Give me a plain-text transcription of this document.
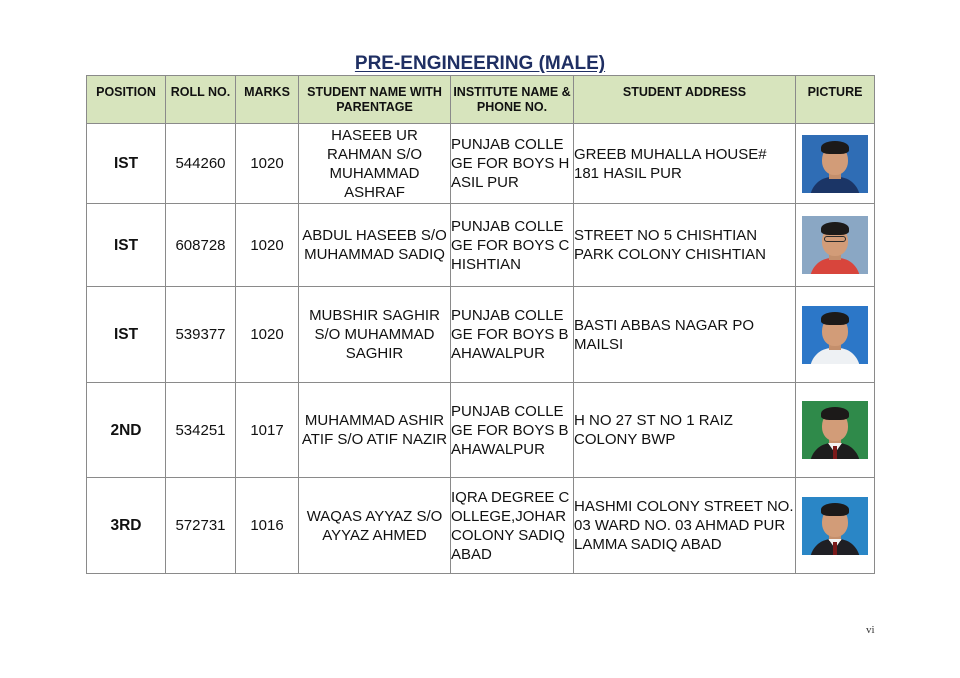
PRE-ENGINEERING (MALE)
POSITION	ROLL NO.	MARKS	STUDENT NAME WITH PARENTAGE	INSTITUTE NAME & PHONE NO.	STUDENT ADDRESS	PICTURE
IST	544260	1020	HASEEB UR RAHMAN S/O MUHAMMAD ASHRAF	PUNJAB COLLEGE FOR BOYS HASIL PUR	GREEB MUHALLA HOUSE# 181 HASIL PUR	

IST	608728	1020	ABDUL HASEEB S/O MUHAMMAD SADIQ	PUNJAB COLLEGE FOR BOYS CHISHTIAN	STREET NO 5 CHISHTIAN PARK COLONY CHISHTIAN	

IST	539377	1020	MUBSHIR SAGHIR S/O MUHAMMAD SAGHIR	PUNJAB COLLEGE FOR BOYS BAHAWALPUR	BASTI ABBAS NAGAR PO MAILSI	

2ND	534251	1017	MUHAMMAD ASHIR ATIF S/O ATIF NAZIR	PUNJAB COLLEGE FOR BOYS BAHAWALPUR	H NO 27 ST NO 1 RAIZ COLONY BWP	

3RD	572731	1016	WAQAS AYYAZ S/O AYYAZ AHMED	IQRA DEGREE COLLEGE,JOHAR COLONY SADIQ ABAD	HASHMI COLONY STREET NO. 03 WARD NO. 03 AHMAD PUR LAMMA SADIQ ABAD	
vi
